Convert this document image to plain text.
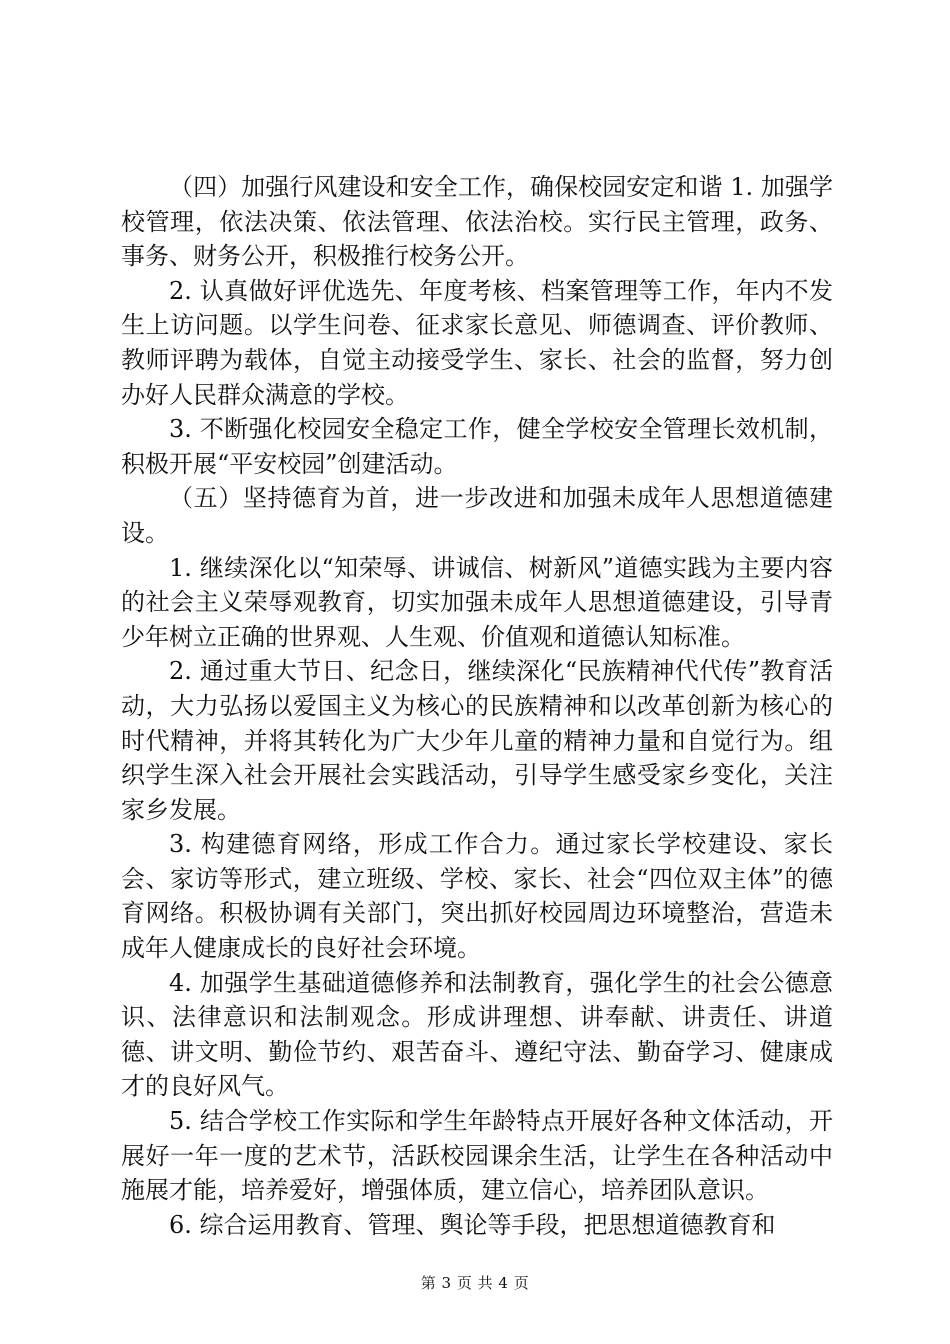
（四）加强行风建设和安全工作，确保校园安定和谐 1. 加强学校管理，依法决策、依法管理、依法治校。实行民主管理，政务、事务、财务公开，积极推行校务公开。

2. 认真做好评优选先、年度考核、档案管理等工作，年内不发生上访问题。以学生问卷、征求家长意见、师德调查、评价教师、教师评聘为载体，自觉主动接受学生、家长、社会的监督，努力创办好人民群众满意的学校。

3. 不断强化校园安全稳定工作，健全学校安全管理长效机制，积极开展“平安校园”创建活动。

（五）坚持德育为首，进一步改进和加强未成年人思想道德建设。

1. 继续深化以“知荣辱、讲诚信、树新风”道德实践为主要内容的社会主义荣辱观教育，切实加强未成年人思想道德建设，引导青少年树立正确的世界观、人生观、价值观和道德认知标准。

2. 通过重大节日、纪念日，继续深化“民族精神代代传”教育活动，大力弘扬以爱国主义为核心的民族精神和以改革创新为核心的时代精神，并将其转化为广大少年儿童的精神力量和自觉行为。组织学生深入社会开展社会实践活动，引导学生感受家乡变化，关注家乡发展。

3. 构建德育网络，形成工作合力。通过家长学校建设、家长会、家访等形式，建立班级、学校、家长、社会“四位双主体”的德育网络。积极协调有关部门，突出抓好校园周边环境整治，营造未成年人健康成长的良好社会环境。

4. 加强学生基础道德修养和法制教育，强化学生的社会公德意识、法律意识和法制观念。形成讲理想、讲奉献、讲责任、讲道德、讲文明、勤俭节约、艰苦奋斗、遵纪守法、勤奋学习、健康成才的良好风气。

5. 结合学校工作实际和学生年龄特点开展好各种文体活动，开展好一年一度的艺术节，活跃校园课余生活，让学生在各种活动中施展才能，培养爱好，增强体质，建立信心，培养团队意识。

6. 综合运用教育、管理、舆论等手段，把思想道德教育和

第 3 页 共 4 页
